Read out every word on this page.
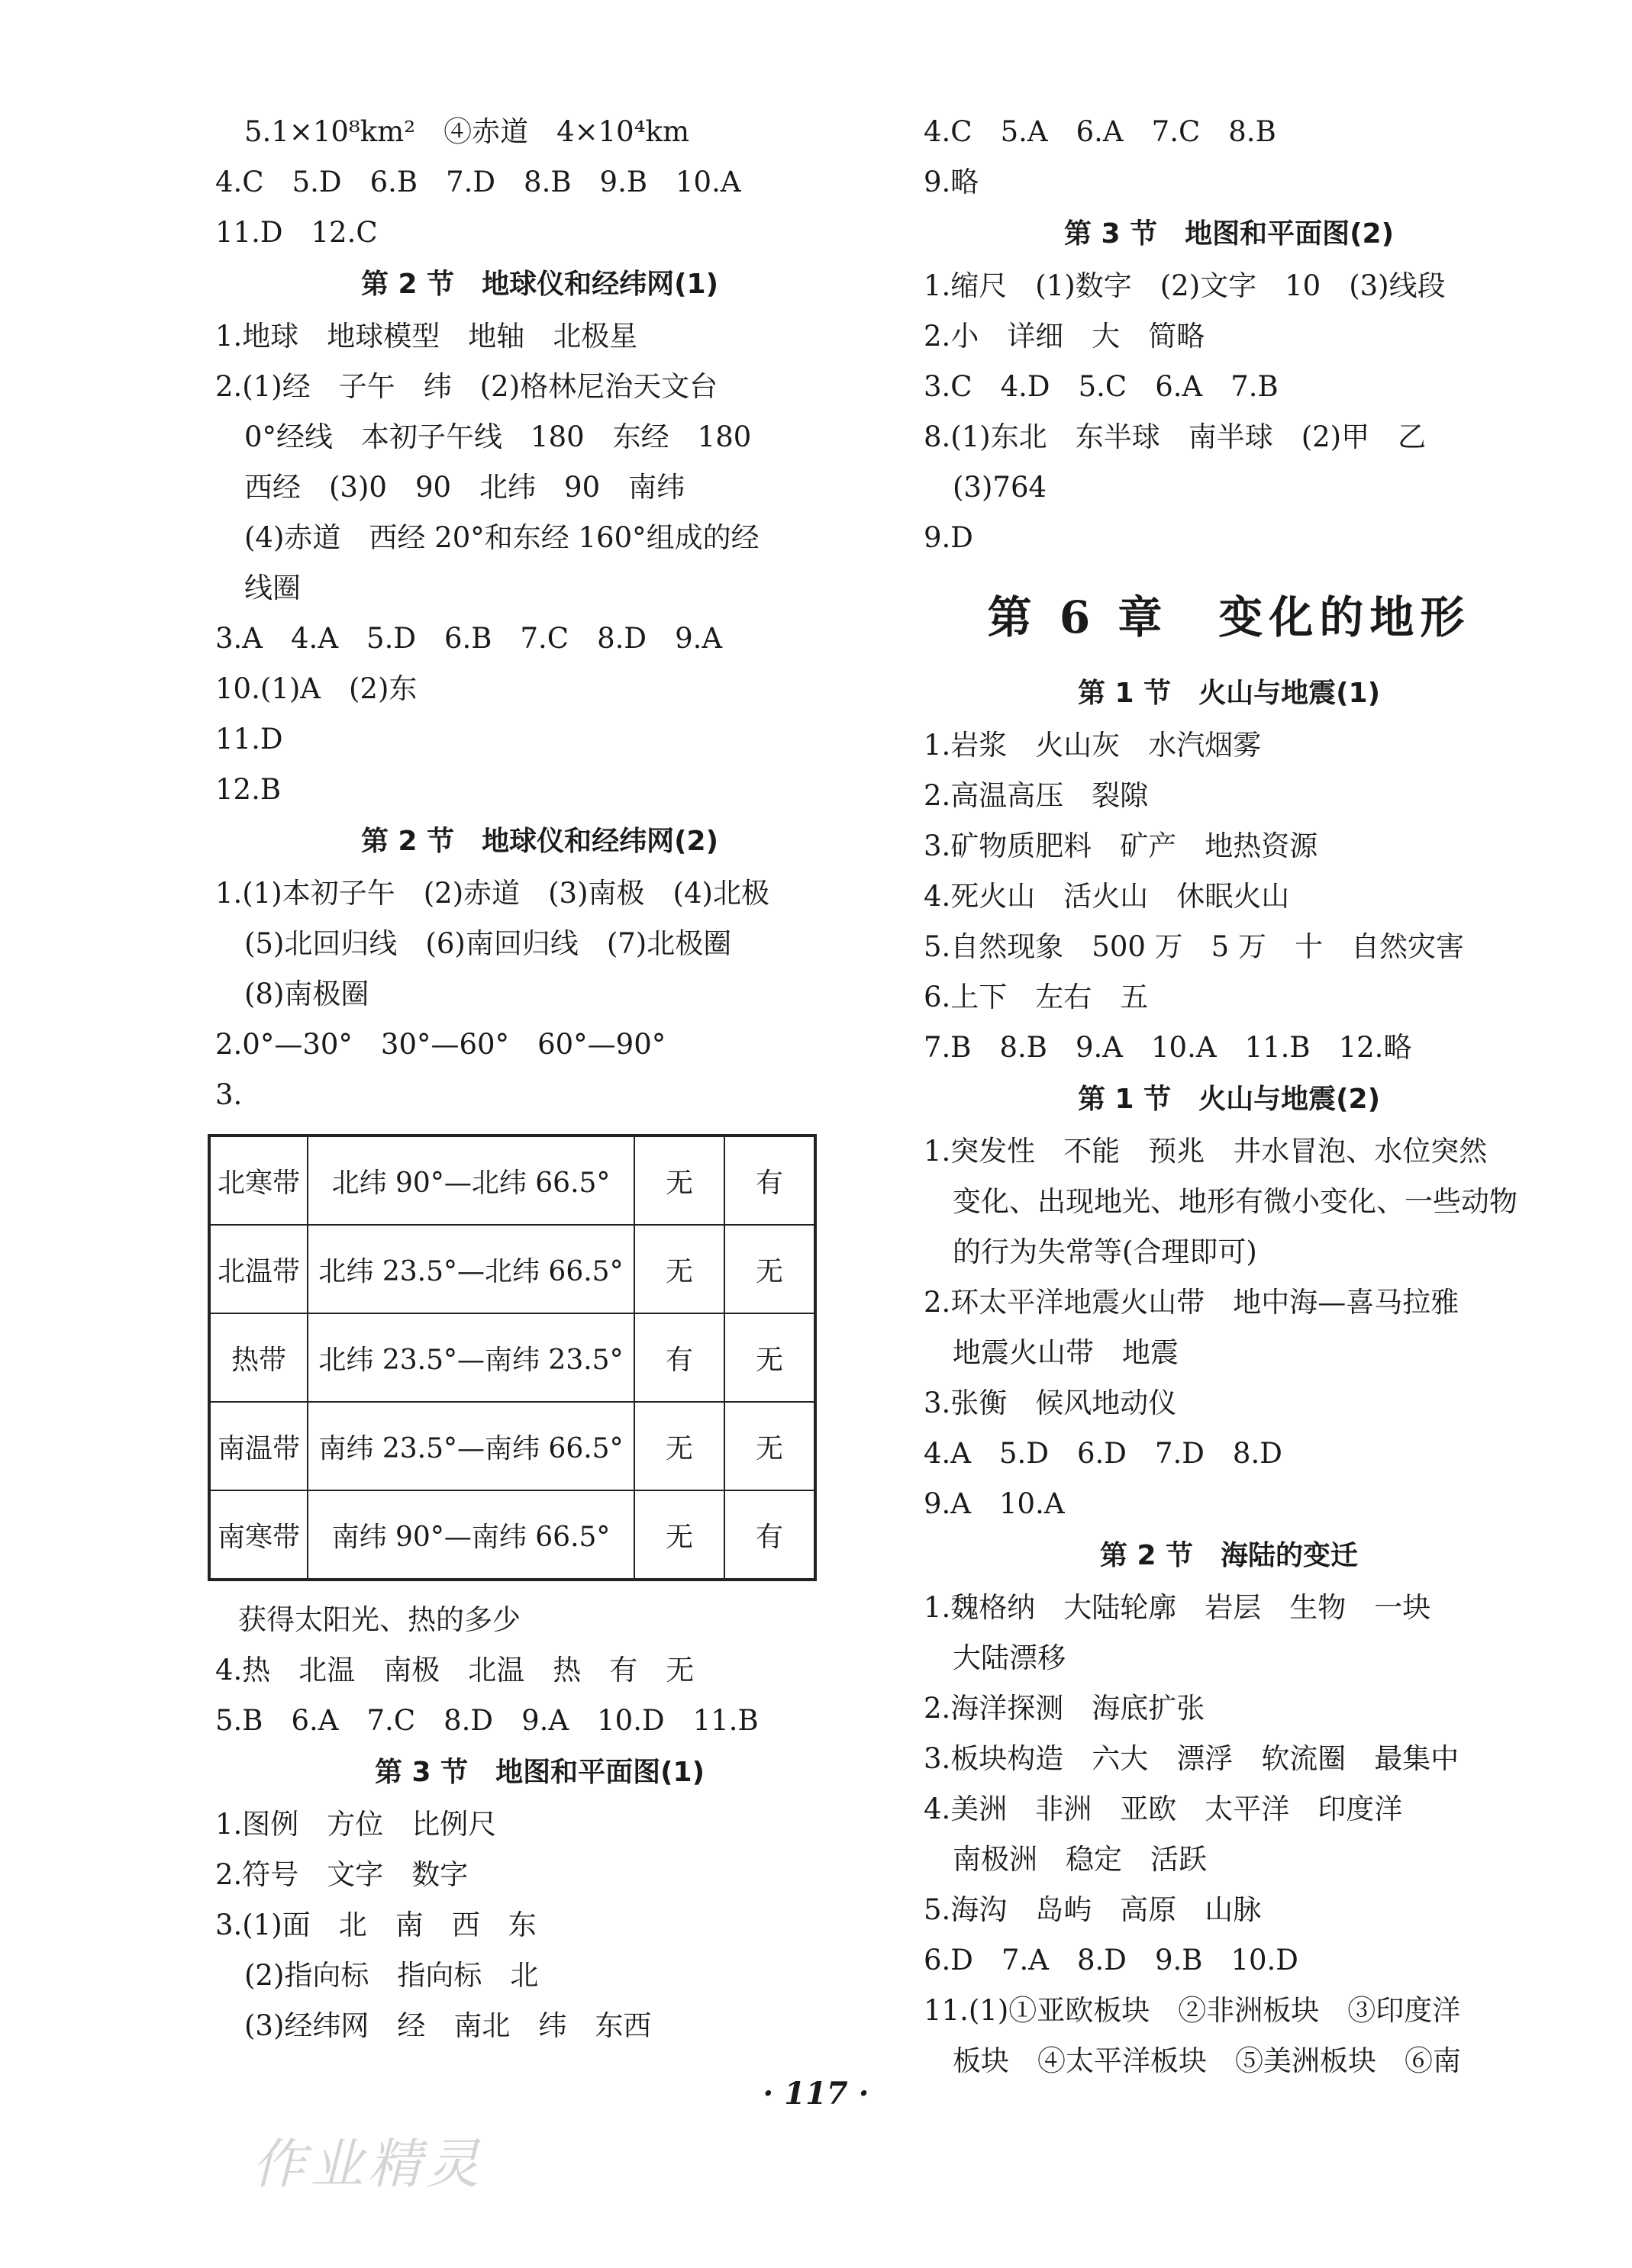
5.1×10⁸km²　④赤道　4×10⁴km
4.C　5.D　6.B　7.D　8.B　9.B　10.A
11.D　12.C
第 2 节　地球仪和经纬网(1)
1.地球　地球模型　地轴　北极星
2.(1)经　子午　纬　(2)格林尼治天文台
0°经线　本初子午线　180　东经　180
西经　(3)0　90　北纬　90　南纬
(4)赤道　西经 20°和东经 160°组成的经
线圈
3.A　4.A　5.D　6.B　7.C　8.D　9.A
10.(1)A　(2)东
11.D
12.B
第 2 节　地球仪和经纬网(2)
1.(1)本初子午　(2)赤道　(3)南极　(4)北极
(5)北回归线　(6)南回归线　(7)北极圈
(8)南极圈
2.0°—30°　30°—60°　60°—90°
3.
北寒带	北纬 90°—北纬 66.5°	无	有
北温带	北纬 23.5°—北纬 66.5°	无	无
热带	北纬 23.5°—南纬 23.5°	有	无
南温带	南纬 23.5°—南纬 66.5°	无	无
南寒带	南纬 90°—南纬 66.5°	无	有
获得太阳光、热的多少
4.热　北温　南极　北温　热　有　无
5.B　6.A　7.C　8.D　9.A　10.D　11.B
第 3 节　地图和平面图(1)
1.图例　方位　比例尺
2.符号　文字　数字
3.(1)面　北　南　西　东
(2)指向标　指向标　北
(3)经纬网　经　南北　纬　东西
4.C　5.A　6.A　7.C　8.B
9.略
第 3 节　地图和平面图(2)
1.缩尺　(1)数字　(2)文字　10　(3)线段
2.小　详细　大　简略
3.C　4.D　5.C　6.A　7.B
8.(1)东北　东半球　南半球　(2)甲　乙
(3)764
9.D
第 6 章　变化的地形
第 1 节　火山与地震(1)
1.岩浆　火山灰　水汽烟雾
2.高温高压　裂隙
3.矿物质肥料　矿产　地热资源
4.死火山　活火山　休眠火山
5.自然现象　500 万　5 万　十　自然灾害
6.上下　左右　五
7.B　8.B　9.A　10.A　11.B　12.略
第 1 节　火山与地震(2)
1.突发性　不能　预兆　井水冒泡、水位突然
变化、出现地光、地形有微小变化、一些动物
的行为失常等(合理即可)
2.环太平洋地震火山带　地中海—喜马拉雅
地震火山带　地震
3.张衡　候风地动仪
4.A　5.D　6.D　7.D　8.D
9.A　10.A
第 2 节　海陆的变迁
1.魏格纳　大陆轮廓　岩层　生物　一块
大陆漂移
2.海洋探测　海底扩张
3.板块构造　六大　漂浮　软流圈　最集中
4.美洲　非洲　亚欧　太平洋　印度洋
南极洲　稳定　活跃
5.海沟　岛屿　高原　山脉
6.D　7.A　8.D　9.B　10.D
11.(1)①亚欧板块　②非洲板块　③印度洋
板块　④太平洋板块　⑤美洲板块　⑥南
· 117 ·
作业精灵
